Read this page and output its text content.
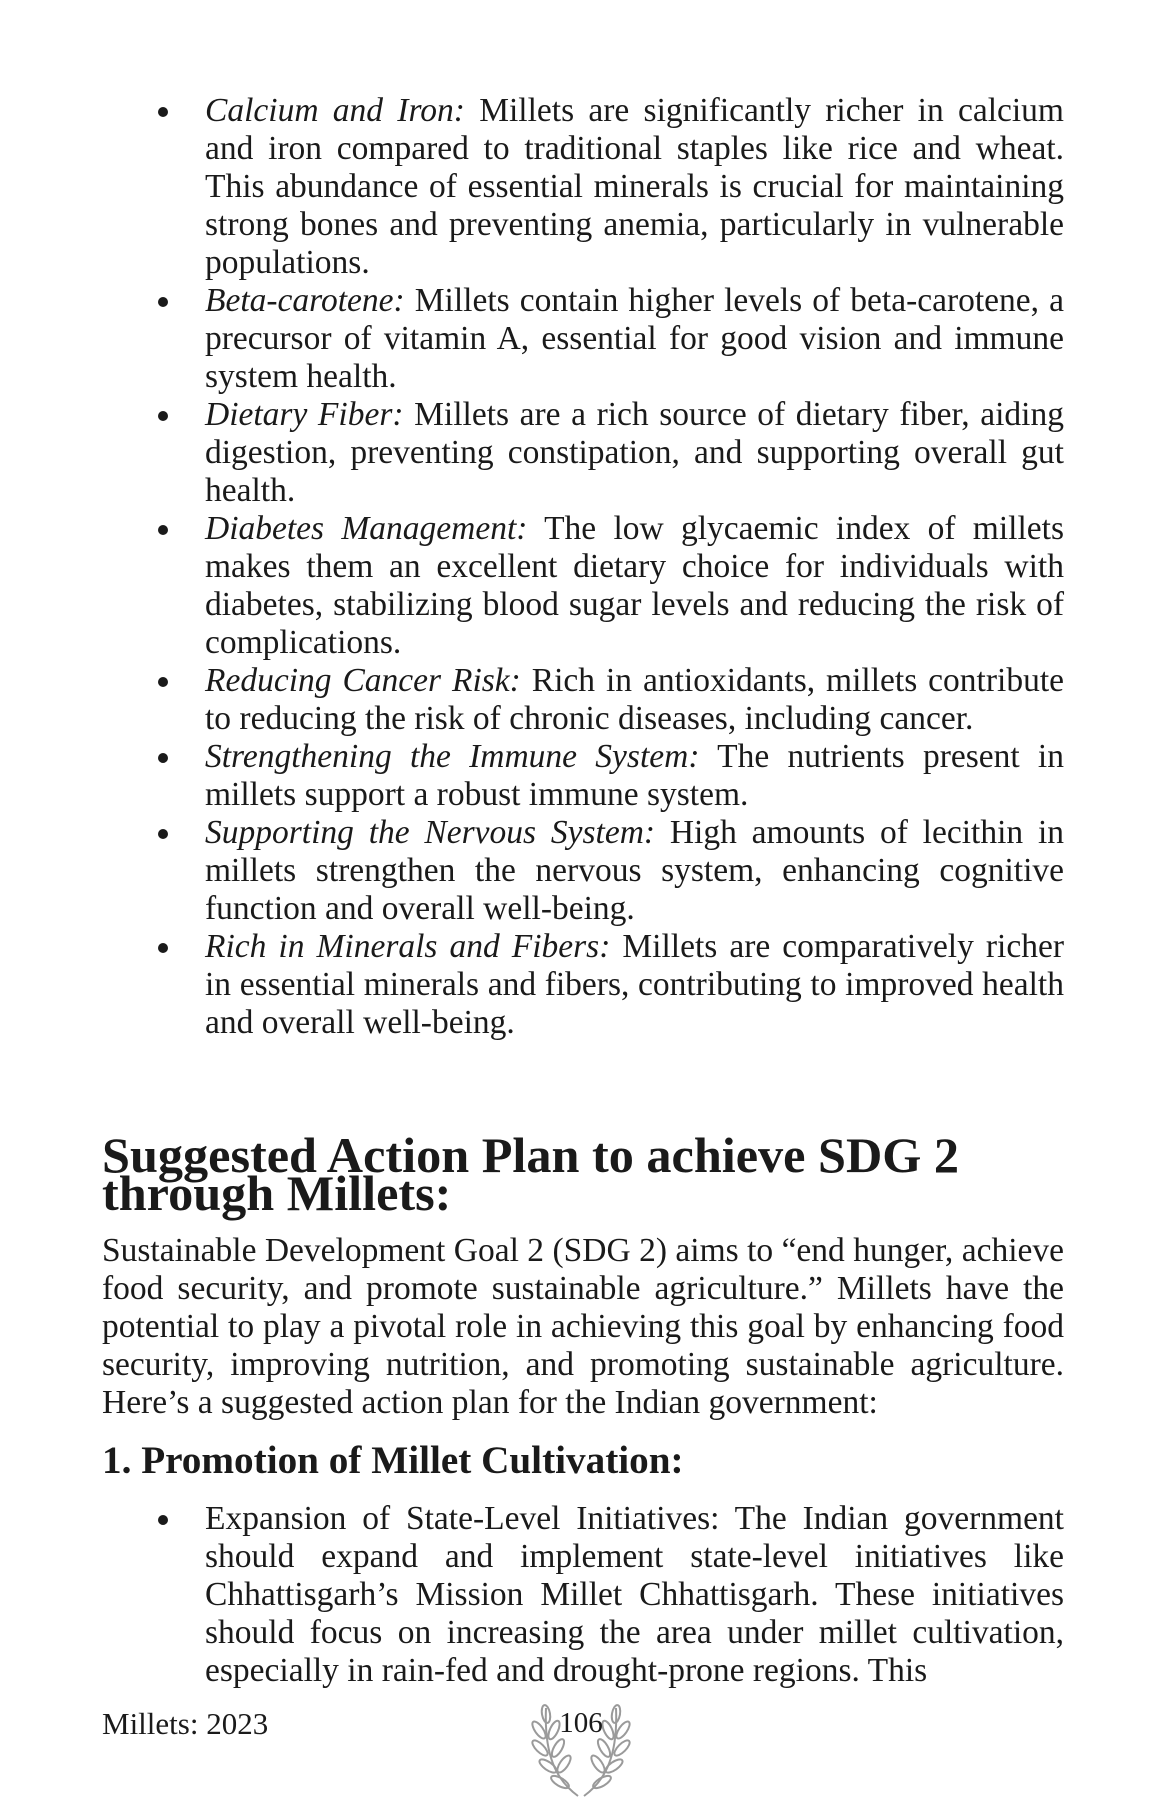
Calcium and Iron: Millets are significantly richer in calcium and iron compared to traditional staples like rice and wheat. This abundance of essential minerals is crucial for maintaining strong bones and preventing anemia, particularly in vulnerable populations.
Beta-carotene: Millets contain higher levels of beta-carotene, a precursor of vitamin A, essential for good vision and immune system health.
Dietary Fiber: Millets are a rich source of dietary fiber, aiding digestion, preventing constipation, and supporting overall gut health.
Diabetes Management: The low glycaemic index of millets makes them an excellent dietary choice for individuals with diabetes, stabilizing blood sugar levels and reducing the risk of complications.
Reducing Cancer Risk: Rich in antioxidants, millets contribute to reducing the risk of chronic diseases, including cancer.
Strengthening the Immune System: The nutrients present in millets support a robust immune system.
Supporting the Nervous System: High amounts of lecithin in millets strengthen the nervous system, enhancing cognitive function and overall well-being.
Rich in Minerals and Fibers: Millets are comparatively richer in essential minerals and fibers, contributing to improved health and overall well-being.
Suggested Action Plan to achieve SDG 2 through Millets:

Sustainable Development Goal 2 (SDG 2) aims to “end hunger, achieve food security, and promote sustainable agriculture.” Millets have the potential to play a pivotal role in achieving this goal by enhancing food security, improving nutrition, and promoting sustainable agriculture. Here’s a suggested action plan for the Indian government:

1. Promotion of Millet Cultivation:
Expansion of State-Level Initiatives: The Indian government should expand and implement state-level initiatives like Chhattisgarh’s Mission Millet Chhattisgarh. These initiatives should focus on increasing the area under millet cultivation, especially in rain-fed and drought-prone regions. This
Millets: 2023	106
